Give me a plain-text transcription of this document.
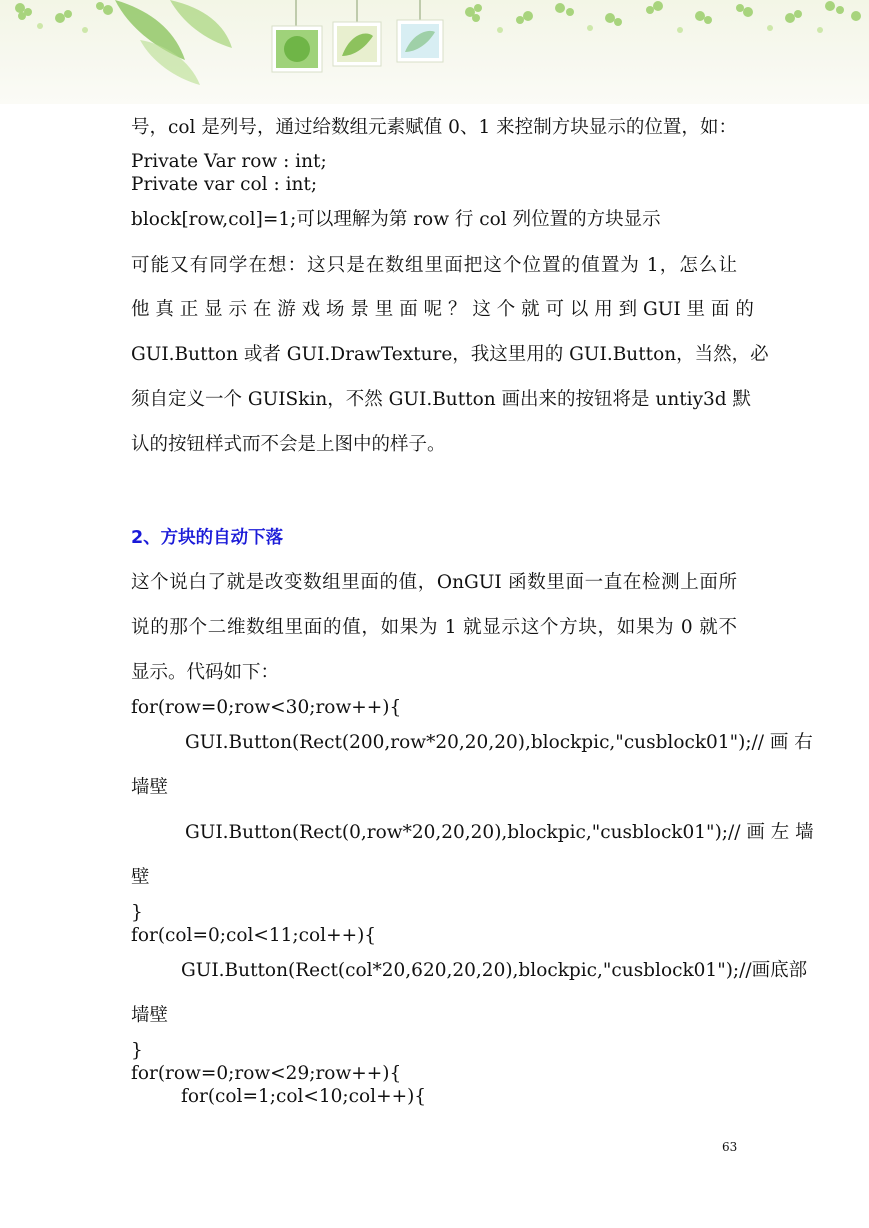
号，col 是列号，通过给数组元素赋值 0、1 来控制方块显示的位置，如：
Private Var row : int;
Private var col : int;
block[row,col]=1;可以理解为第 row 行 col 列位置的方块显示
可能又有同学在想：这只是在数组里面把这个位置的值置为 1，怎么让
他 真 正 显 示 在 游 戏 场 景 里 面 呢 ？ 这 个 就 可 以 用 到 GUI 里 面 的
GUI.Button 或者 GUI.DrawTexture，我这里用的 GUI.Button，当然，必
须自定义一个 GUISkin，不然 GUI.Button 画出来的按钮将是 untiy3d 默
认的按钮样式而不会是上图中的样子。
2、方块的自动下落
这个说白了就是改变数组里面的值，OnGUI 函数里面一直在检测上面所
说的那个二维数组里面的值，如果为 1 就显示这个方块，如果为 0 就不
显示。代码如下：
for(row=0;row<30;row++){
GUI.Button(Rect(200,row*20,20,20),blockpic,"cusblock01");// 画 右
墙壁
GUI.Button(Rect(0,row*20,20,20),blockpic,"cusblock01");// 画 左 墙
壁
}
for(col=0;col<11;col++){
GUI.Button(Rect(col*20,620,20,20),blockpic,"cusblock01");//画底部
墙壁
}
for(row=0;row<29;row++){
for(col=1;col<10;col++){
63
